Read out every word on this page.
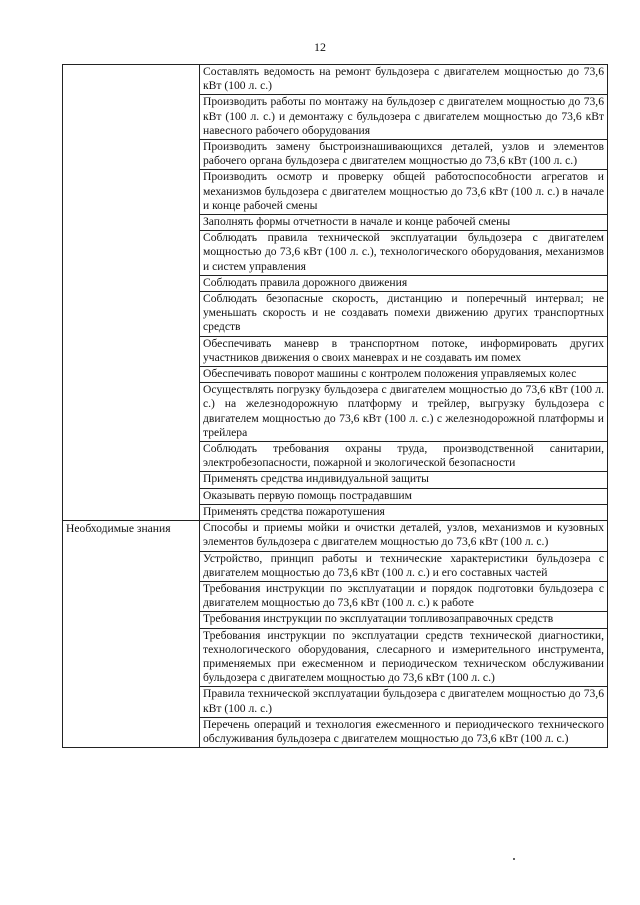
12
	Составлять ведомость на ремонт бульдозера с двигателем мощностью до 73,6 кВт (100 л. с.)
	Производить работы по монтажу на бульдозер с двигателем мощностью до 73,6 кВт (100 л. с.) и демонтажу с бульдозера с двигателем мощностью до 73,6 кВт навесного рабочего оборудования
	Производить замену быстроизнашивающихся деталей, узлов и элементов рабочего органа бульдозера с двигателем мощностью до 73,6 кВт (100 л. с.)
	Производить осмотр и проверку общей работоспособности агрегатов и механизмов бульдозера с двигателем мощностью до 73,6 кВт (100 л. с.) в начале и конце рабочей смены
	Заполнять формы отчетности в начале и конце рабочей смены
	Соблюдать правила технической эксплуатации бульдозера с двигателем мощностью до 73,6 кВт (100 л. с.), технологического оборудования, механизмов и систем управления
	Соблюдать правила дорожного движения
	Соблюдать безопасные скорость, дистанцию и поперечный интервал; не уменьшать скорость и не создавать помехи движению других транспортных средств
	Обеспечивать маневр в транспортном потоке, информировать других участников движения о своих маневрах и не создавать им помех
	Обеспечивать поворот машины с контролем положения управляемых колес
	Осуществлять погрузку бульдозера с двигателем мощностью до 73,6 кВт (100 л. с.) на железнодорожную платформу и трейлер, выгрузку бульдозера с двигателем мощностью до 73,6 кВт (100 л. с.) с железнодорожной платформы и трейлера
	Соблюдать требования охраны труда, производственной санитарии, электробезопасности, пожарной и экологической безопасности
	Применять средства индивидуальной защиты
	Оказывать первую помощь пострадавшим
	Применять средства пожаротушения
Необходимые знания	Способы и приемы мойки и очистки деталей, узлов, механизмов и кузовных элементов бульдозера с двигателем мощностью до 73,6 кВт (100 л. с.)
	Устройство, принцип работы и технические характеристики бульдозера с двигателем мощностью до 73,6 кВт (100 л. с.) и его составных частей
	Требования инструкции по эксплуатации и порядок подготовки бульдозера с двигателем мощностью до 73,6 кВт (100 л. с.) к работе
	Требования инструкции по эксплуатации топливозаправочных средств
	Требования инструкции по эксплуатации средств технической диагностики, технологического оборудования, слесарного и измерительного инструмента, применяемых при ежесменном и периодическом техническом обслуживании бульдозера с двигателем мощностью до 73,6 кВт (100 л. с.)
	Правила технической эксплуатации бульдозера с двигателем мощностью до 73,6 кВт (100 л. с.)
	Перечень операций и технология ежесменного и периодического технического обслуживания бульдозера с двигателем мощностью до 73,6 кВт (100 л. с.)
